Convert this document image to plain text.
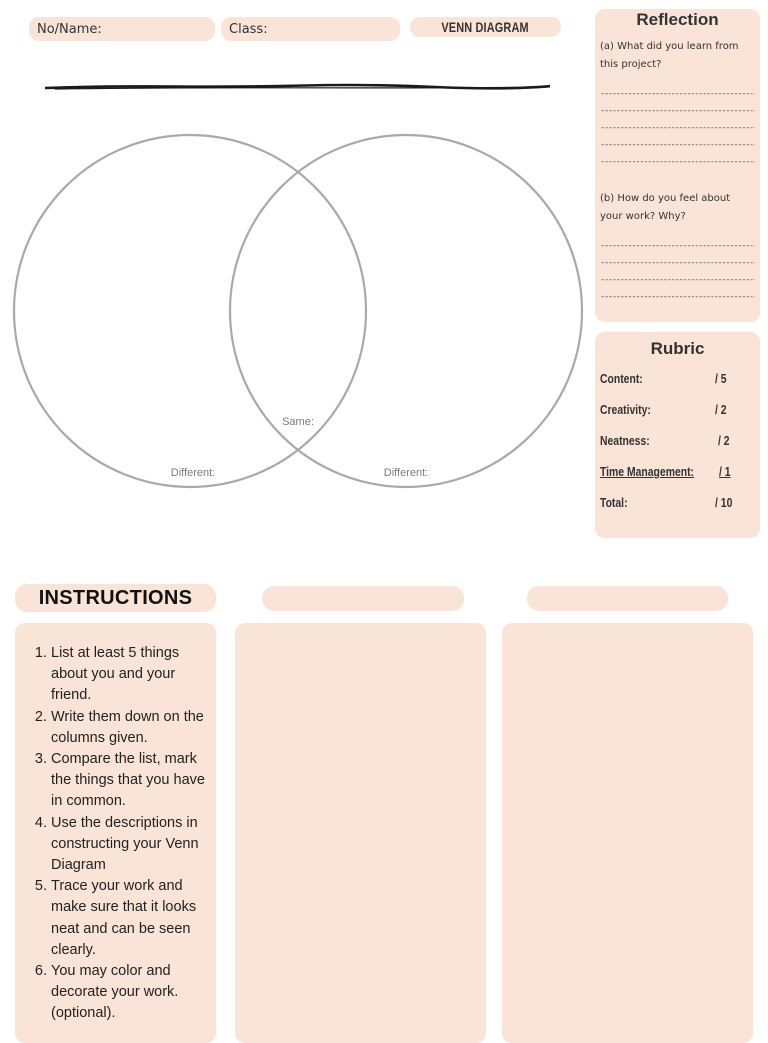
No/Name:	Class:	VENN DIAGRAM
Different:
Same:
Different:

Reflection

(a) What did you learn from this project?

-----
-----
-----
-----
-----

(b) How do you feel about your work? Why?

-----
-----
-----
-----

Rubric

Content:	/ 5
Creativity:	/ 2
Neatness:	/ 2
Time Management: / 1
Total:	/ 10
INSTRUCTIONS
1. List at least 5 things about you and your friend.
2. Write them down on the columns given.
3. Compare the list, mark the things that you have in common.
4. Use the descriptions in constructing your Venn Diagram
5. Trace your work and make sure that it looks neat and can be seen clearly.
6. You may color and decorate your work. (optional).
